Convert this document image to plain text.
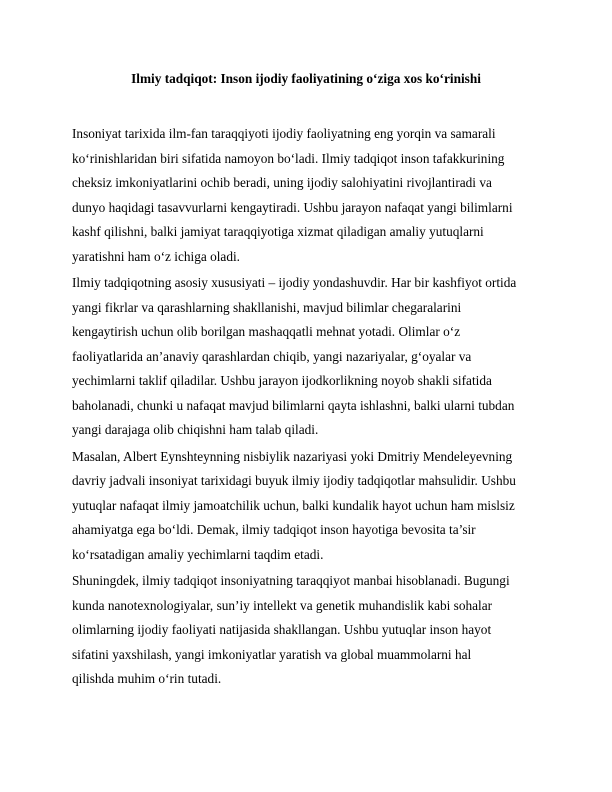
Ilmiy tadqiqot: Inson ijodiy faoliyatining o‘ziga xos ko‘rinishi

Insoniyat tarixida ilm-fan taraqqiyoti ijodiy faoliyatning eng yorqin va samarali
ko‘rinishlaridan biri sifatida namoyon bo‘ladi. Ilmiy tadqiqot inson tafakkurining
cheksiz imkoniyatlarini ochib beradi, uning ijodiy salohiyatini rivojlantiradi va
dunyo haqidagi tasavvurlarni kengaytiradi. Ushbu jarayon nafaqat yangi bilimlarni
kashf qilishni, balki jamiyat taraqqiyotiga xizmat qiladigan amaliy yutuqlarni
yaratishni ham o‘z ichiga oladi.

Ilmiy tadqiqotning asosiy xususiyati – ijodiy yondashuvdir. Har bir kashfiyot ortida
yangi fikrlar va qarashlarning shakllanishi, mavjud bilimlar chegaralarini
kengaytirish uchun olib borilgan mashaqqatli mehnat yotadi. Olimlar o‘z
faoliyatlarida an’anaviy qarashlardan chiqib, yangi nazariyalar, g‘oyalar va
yechimlarni taklif qiladilar. Ushbu jarayon ijodkorlikning noyob shakli sifatida
baholanadi, chunki u nafaqat mavjud bilimlarni qayta ishlashni, balki ularni tubdan
yangi darajaga olib chiqishni ham talab qiladi.

Masalan, Albert Eynshteynning nisbiylik nazariyasi yoki Dmitriy Mendeleyevning
davriy jadvali insoniyat tarixidagi buyuk ilmiy ijodiy tadqiqotlar mahsulidir. Ushbu
yutuqlar nafaqat ilmiy jamoatchilik uchun, balki kundalik hayot uchun ham mislsiz
ahamiyatga ega bo‘ldi. Demak, ilmiy tadqiqot inson hayotiga bevosita ta’sir
ko‘rsatadigan amaliy yechimlarni taqdim etadi.

Shuningdek, ilmiy tadqiqot insoniyatning taraqqiyot manbai hisoblanadi. Bugungi
kunda nanotexnologiyalar, sun’iy intellekt va genetik muhandislik kabi sohalar
olimlarning ijodiy faoliyati natijasida shakllangan. Ushbu yutuqlar inson hayot
sifatini yaxshilash, yangi imkoniyatlar yaratish va global muammolarni hal
qilishda muhim o‘rin tutadi.
